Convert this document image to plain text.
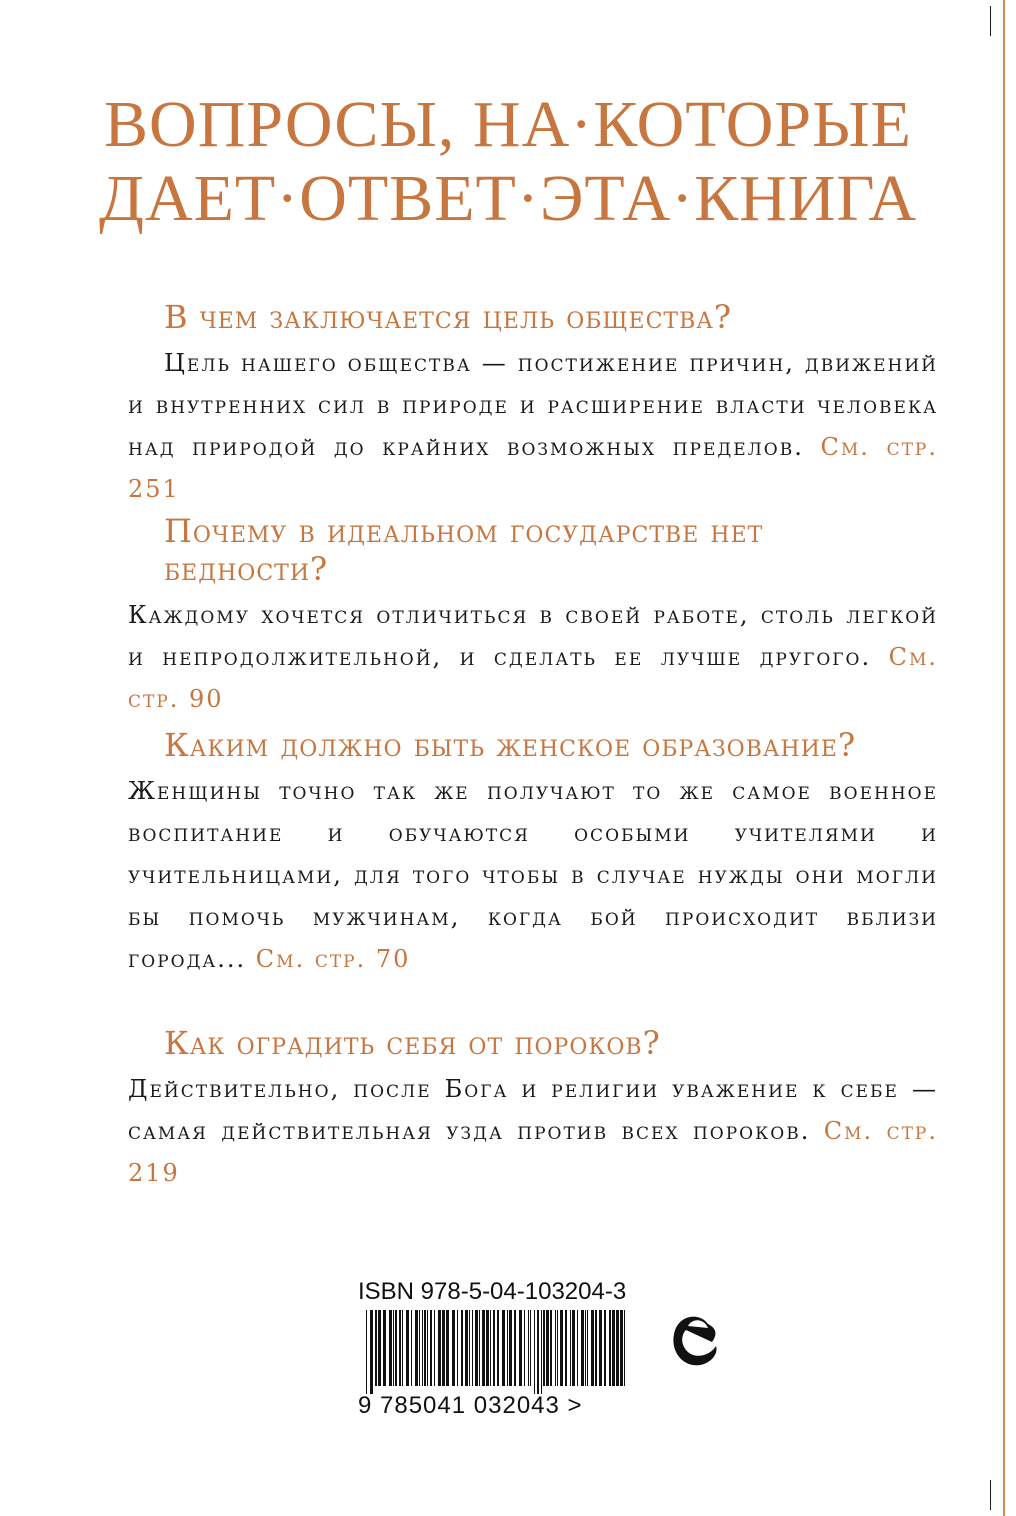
ВОПРОСЫ, НА·КОТОРЫЕ
ДАЕТ·ОТВЕТ·ЭТА·КНИГА
В чем заключается цель общества?

Цель нашего общества — постижение причин, движений и внутренних сил в природе и расширение власти человека над природой до крайних возможных пределов. См. стр. 251

Почему в идеальном государстве нет бедности?

Каждому хочется отличиться в своей работе, столь легкой и непродолжительной, и сделать ее лучше другого. См. стр. 90

Каким должно быть женское образование?

Женщины точно так же получают то же самое военное воспитание и обучаются особыми учителями и учительницами, для того чтобы в случае нужды они могли бы помочь мужчинам, когда бой происходит вблизи города... См. стр. 70

Как оградить себя от пороков?

Действительно, после Бога и религии уважение к себе — самая действительная узда против всех пороков. См. стр. 219

ISBN 978-5-04-103204-3
9 785041 032043 >
